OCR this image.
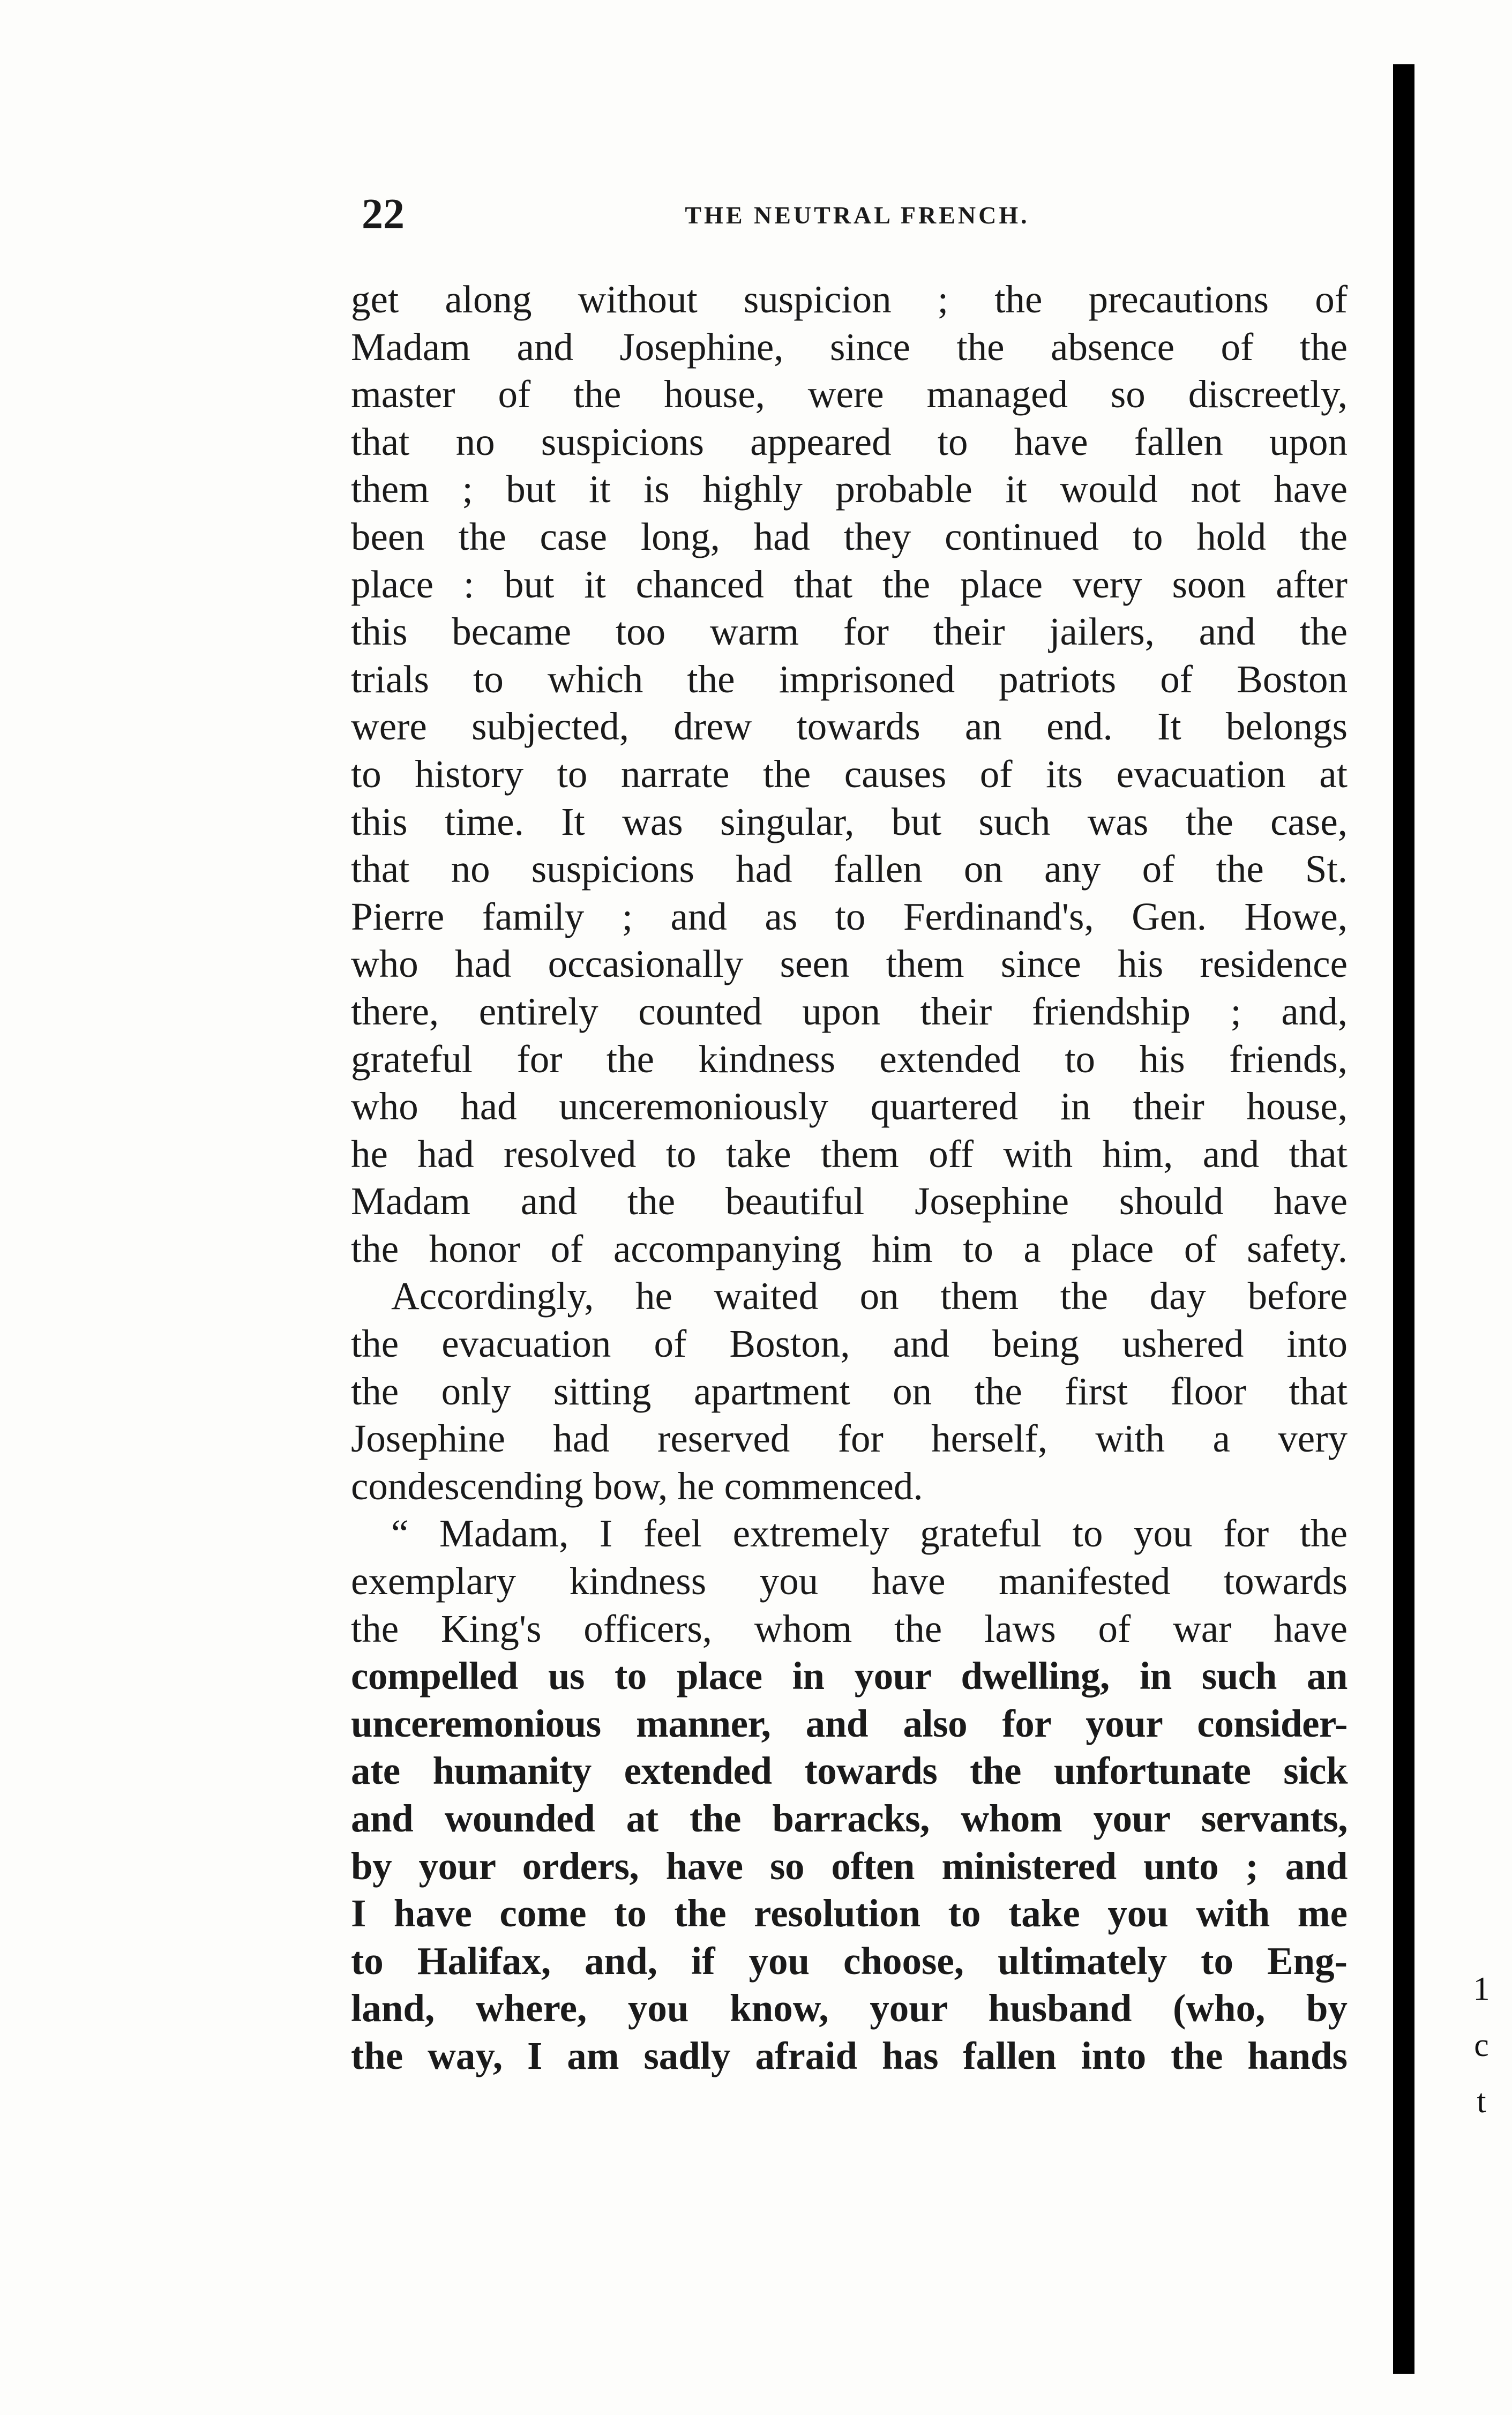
1
c
t
22	THE NEUTRAL FRENCH.
get along without suspicion ; the precautions of
Madam and Josephine, since the absence of the
master of the house, were managed so discreetly,
that no suspicions appeared to have fallen upon
them ; but it is highly probable it would not have
been the case long, had they continued to hold the
place : but it chanced that the place very soon after
this became too warm for their jailers, and the
trials to which the imprisoned patriots of Boston
were subjected, drew towards an end. It belongs
to history to narrate the causes of its evacuation at
this time. It was singular, but such was the case,
that no suspicions had fallen on any of the St.
Pierre family ; and as to Ferdinand's, Gen. Howe,
who had occasionally seen them since his residence
there, entirely counted upon their friendship ; and,
grateful for the kindness extended to his friends,
who had unceremoniously quartered in their house,
he had resolved to take them off with him, and that
Madam and the beautiful Josephine should have
the honor of accompanying him to a place of safety.
Accordingly, he waited on them the day before
the evacuation of Boston, and being ushered into
the only sitting apartment on the first floor that
Josephine had reserved for herself, with a very
condescending bow, he commenced.
“ Madam, I feel extremely grateful to you for the
exemplary kindness you have manifested towards
the King's officers, whom the laws of war have
compelled us to place in your dwelling, in such an
unceremonious manner, and also for your consider-
ate humanity extended towards the unfortunate sick
and wounded at the barracks, whom your servants,
by your orders, have so often ministered unto ; and
I have come to the resolution to take you with me
to Halifax, and, if you choose, ultimately to Eng-
land, where, you know, your husband (who, by
the way, I am sadly afraid has fallen into the hands
